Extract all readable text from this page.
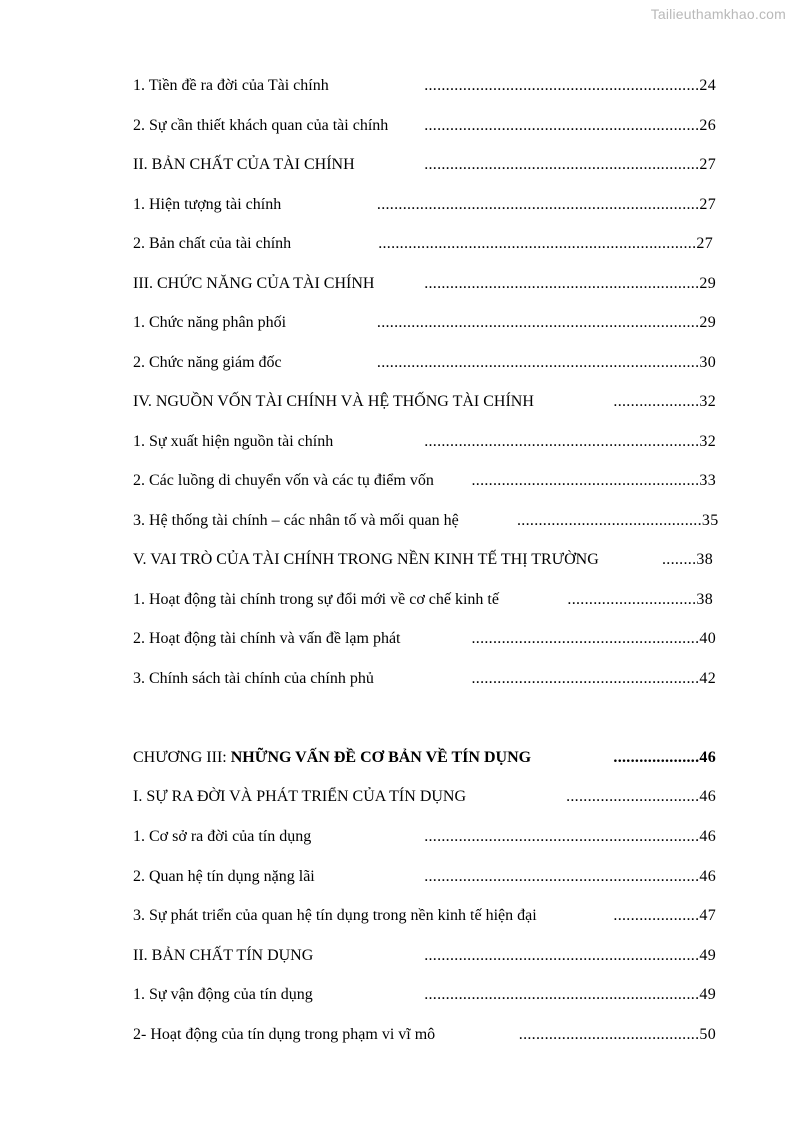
Tailieuthamkhao.com
1. Tiền đề ra đời của Tài chính	................................................................24
2. Sự cần thiết khách quan của tài chính ................................................................26
II. BẢN CHẤT CỦA TÀI CHÍNH	................................................................27
1. Hiện tượng tài chính	...........................................................................27
2. Bản chất của tài chính	..........................................................................27
III. CHỨC NĂNG CỦA TÀI CHÍNH	................................................................29
1. Chức năng phân phối	...........................................................................29
2. Chức năng giám đốc	...........................................................................30
IV. NGUỒN VỐN TÀI CHÍNH VÀ HỆ THỐNG TÀI CHÍNH	....................32
1. Sự xuất hiện nguồn tài chính	................................................................32
2. Các luồng di chuyển vốn và các tụ điểm vốn .....................................................33
3. Hệ thống tài chính – các nhân tố và mối quan hệ	...........................................35
V. VAI TRÒ CỦA TÀI CHÍNH TRONG NỀN KINH TẾ THỊ TRƯỜNG	........38
1. Hoạt động tài chính trong sự đổi mới về cơ chế kinh tế	..............................38
2. Hoạt động tài chính và vấn đề lạm phát	.....................................................40
3. Chính sách tài chính của chính phủ	.....................................................42
CHƯƠNG III: NHỮNG VẤN ĐỀ CƠ BẢN VỀ TÍN DỤNG	....................46
I. SỰ RA ĐỜI VÀ PHÁT TRIỂN CỦA TÍN DỤNG	...............................46
1. Cơ sở ra đời của tín dụng	................................................................46
2. Quan hệ tín dụng nặng lãi	................................................................46
3. Sự phát triển của quan hệ tín dụng trong nền kinh tế hiện đại	....................47
II. BẢN CHẤT TÍN DỤNG	................................................................49
1. Sự vận động của tín dụng	................................................................49
2- Hoạt động của tín dụng trong phạm vi vĩ mô	..........................................50
